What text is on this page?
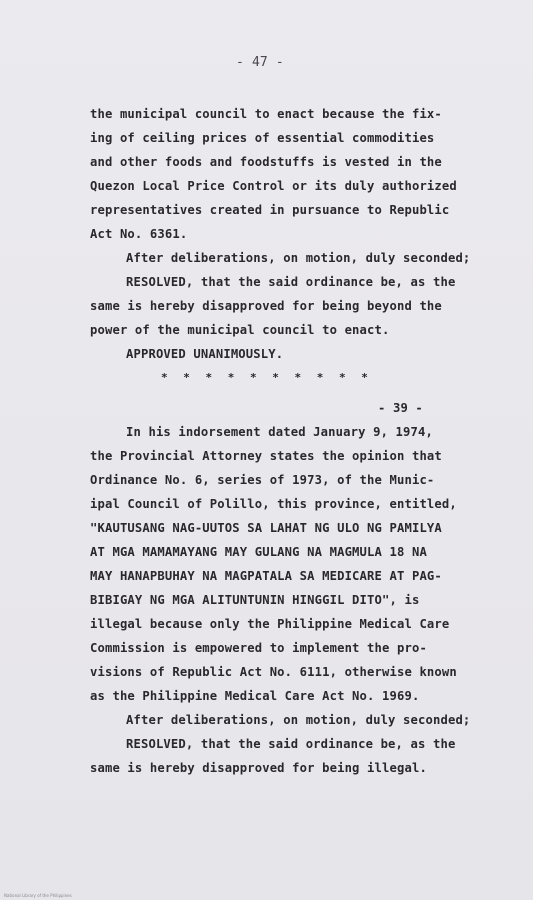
- 47 -
the municipal council to enact because the fix-
ing of ceiling prices of essential commodities
and other foods and foodstuffs is vested in the
Quezon Local Price Control or its duly authorized
representatives created in pursuance to Republic
Act No. 6361.
After deliberations, on motion, duly seconded;
RESOLVED, that the said ordinance be, as the
same is hereby disapproved for being beyond the
power of the municipal council to enact.
APPROVED UNANIMOUSLY.
* * * * * * * * * *
- 39 -
In his indorsement dated January 9, 1974,
the Provincial Attorney states the opinion that
Ordinance No. 6, series of 1973, of the Munic-
ipal Council of Polillo, this province, entitled,
"KAUTUSANG NAG-UUTOS SA LAHAT NG ULO NG PAMILYA
AT MGA MAMAMAYANG MAY GULANG NA MAGMULA 18 NA
MAY HANAPBUHAY NA MAGPATALA SA MEDICARE AT PAG-
BIBIGAY NG MGA ALITUNTUNIN HINGGIL DITO", is
illegal because only the Philippine Medical Care
Commission is empowered to implement the pro-
visions of Republic Act No. 6111, otherwise known
as the Philippine Medical Care Act No. 1969.
After deliberations, on motion, duly seconded;
RESOLVED, that the said ordinance be, as the
same is hereby disapproved for being illegal.
National Library of the Philippines
